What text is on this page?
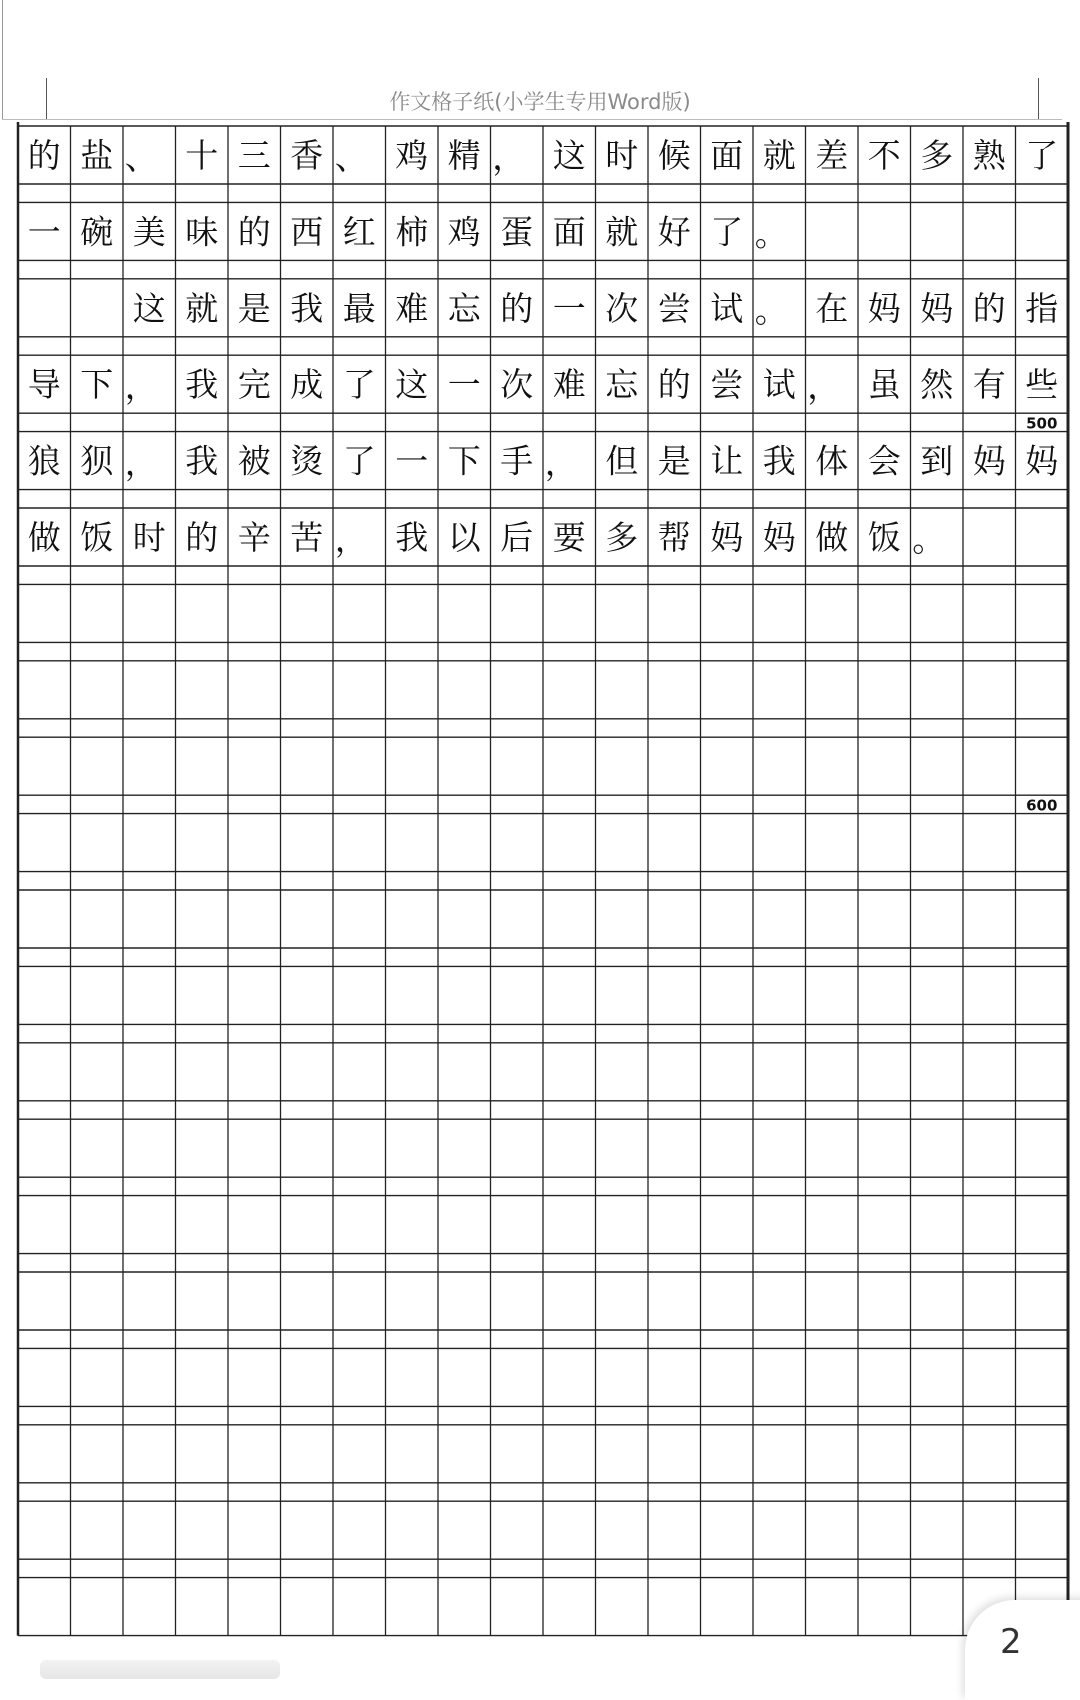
作文格子纸(小学生专用Word版)
的 盐 、 十 三 香 、 鸡 精 ， 这 时 候 面 就 差 不 多 熟 了
一 碗 美 味 的 西 红 柿 鸡 蛋 面 就 好 了 。
这 就 是 我 最 难 忘 的 一 次 尝 试 。 在 妈 妈 的 指
导 下 ， 我 完 成 了 这 一 次 难 忘 的 尝 试 ， 虽 然 有 些
狼 狈 ， 我 被 烫 了 一 下 手 ， 但 是 让 我 体 会 到 妈 妈
做 饭 时 的 辛 苦 ， 我 以 后 要 多 帮 妈 妈 做 饭 。
500
600
2
